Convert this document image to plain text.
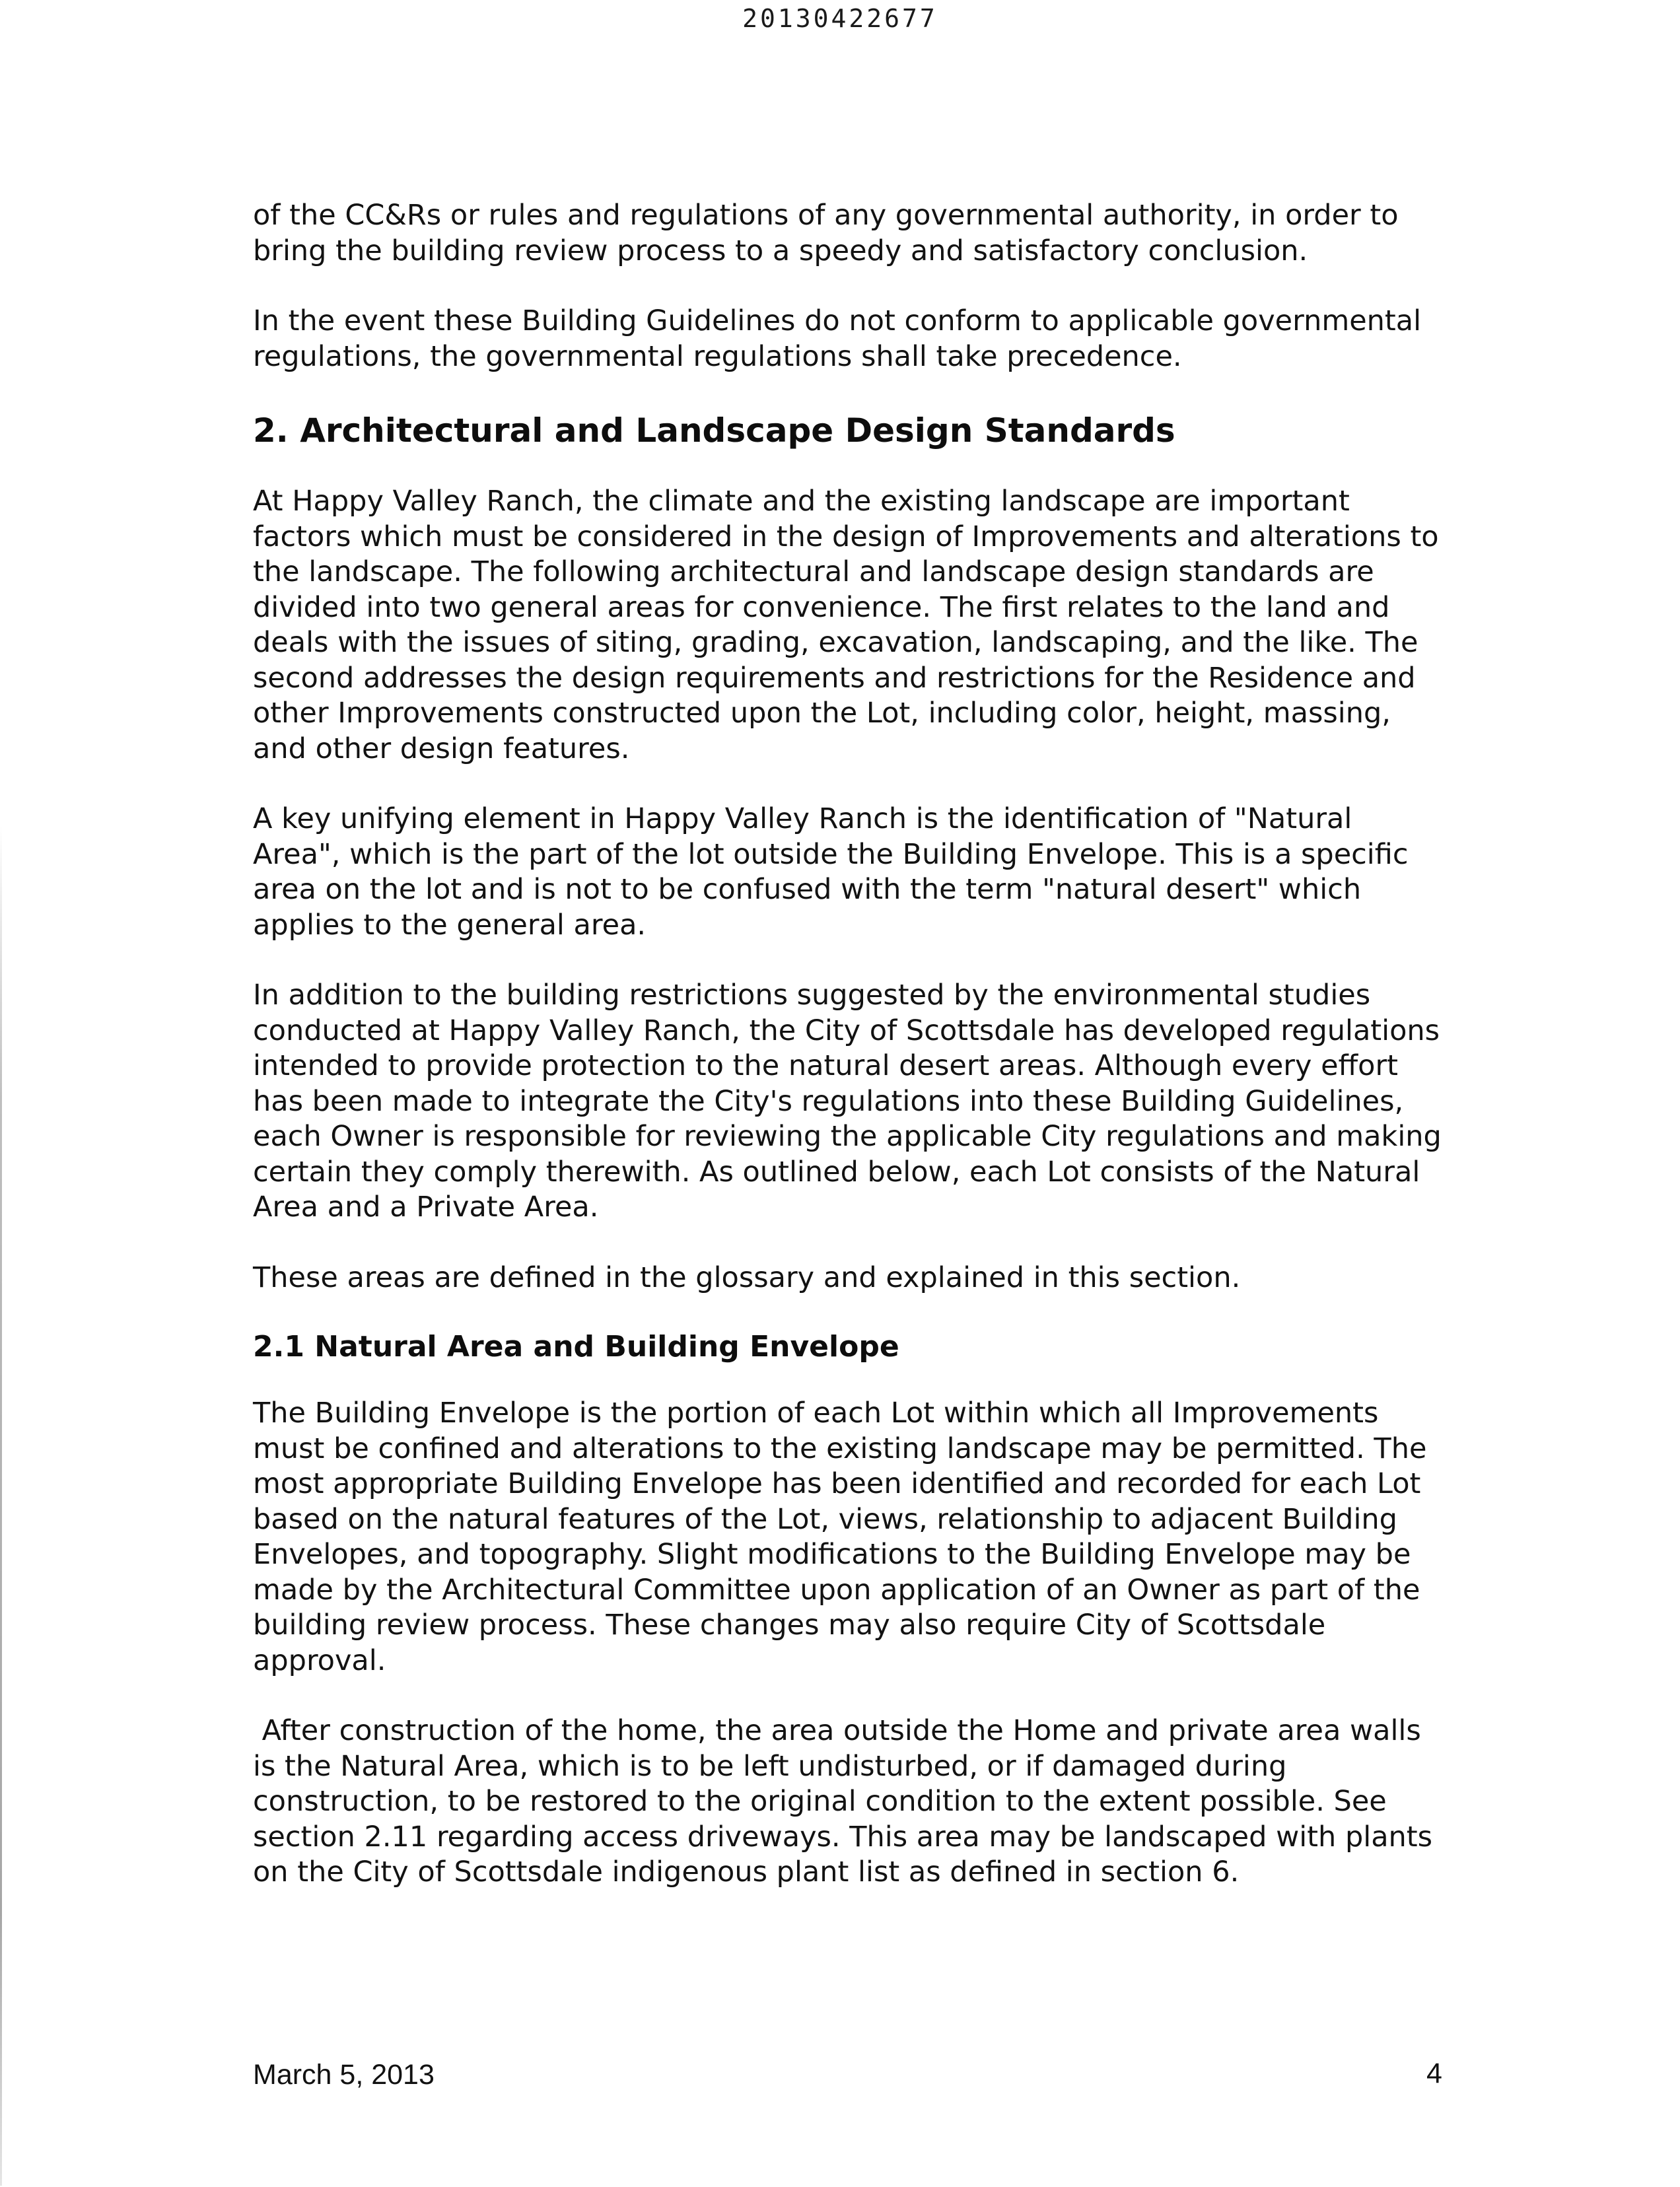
20130422677

of the CC&Rs or rules and regulations of any governmental authority, in order to bring the building review process to a speedy and satisfactory conclusion.

In the event these Building Guidelines do not conform to applicable governmental regulations, the governmental regulations shall take precedence.

2. Architectural and Landscape Design Standards

At Happy Valley Ranch, the climate and the existing landscape are important factors which must be considered in the design of Improvements and alterations to the landscape. The following architectural and landscape design standards are divided into two general areas for convenience. The first relates to the land and deals with the issues of siting, grading, excavation, landscaping, and the like. The second addresses the design requirements and restrictions for the Residence and other Improvements constructed upon the Lot, including color, height, massing, and other design features.

A key unifying element in Happy Valley Ranch is the identification of "Natural Area", which is the part of the lot outside the Building Envelope. This is a specific area on the lot and is not to be confused with the term "natural desert" which applies to the general area.

In addition to the building restrictions suggested by the environmental studies conducted at Happy Valley Ranch, the City of Scottsdale has developed regulations intended to provide protection to the natural desert areas. Although every effort has been made to integrate the City's regulations into these Building Guidelines, each Owner is responsible for reviewing the applicable City regulations and making certain they comply therewith. As outlined below, each Lot consists of the Natural Area and a Private Area.

These areas are defined in the glossary and explained in this section.

2.1 Natural Area and Building Envelope

The Building Envelope is the portion of each Lot within which all Improvements must be confined and alterations to the existing landscape may be permitted. The most appropriate Building Envelope has been identified and recorded for each Lot based on the natural features of the Lot, views, relationship to adjacent Building Envelopes, and topography. Slight modifications to the Building Envelope may be made by the Architectural Committee upon application of an Owner as part of the building review process. These changes may also require City of Scottsdale approval.

After construction of the home, the area outside the Home and private area walls is the Natural Area, which is to be left undisturbed, or if damaged during construction, to be restored to the original condition to the extent possible. See section 2.11 regarding access driveways. This area may be landscaped with plants on the City of Scottsdale indigenous plant list as defined in section 6.

March 5, 2013	4
